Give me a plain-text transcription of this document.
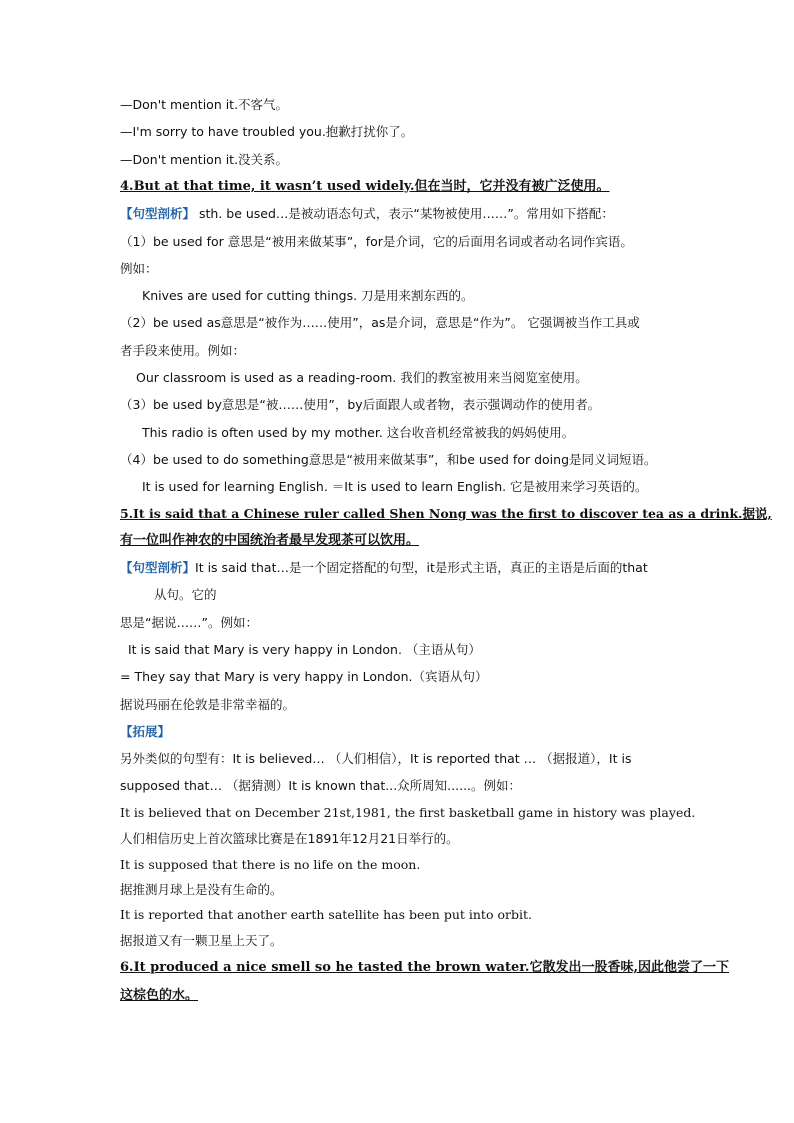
—Don't mention it.不客气。
—I'm sorry to have troubled you.抱歉打扰你了。
—Don't mention it.没关系。
4.But at that time, it wasn’t used widely.但在当时，它并没有被广泛使用。
【句型剖析】 sth. be used…是被动语态句式，表示“某物被使用……”。常用如下搭配：
（1）be used for 意思是“被用来做某事”，for是介词，它的后面用名词或者动名词作宾语。
例如：
Knives are used for cutting things. 刀是用来割东西的。
（2）be used as意思是“被作为……使用”，as是介词，意思是“作为”。 它强调被当作工具或
者手段来使用。例如：
Our classroom is used as a reading-room. 我们的教室被用来当阅览室使用。
（3）be used by意思是“被……使用”，by后面跟人或者物，表示强调动作的使用者。
This radio is often used by my mother. 这台收音机经常被我的妈妈使用。
（4）be used to do something意思是“被用来做某事”，和be used for doing是同义词短语。
It is used for learning English. ＝It is used to learn English. 它是被用来学习英语的。
5.It is said that a Chinese ruler called Shen Nong was the first to discover tea as a drink.据说,
有一位叫作神农的中国统治者最早发现茶可以饮用。
【句型剖析】It is said that…是一个固定搭配的句型，it是形式主语，真正的主语是后面的that
从句。它的
思是“据说……”。例如：
It is said that Mary is very happy in London. （主语从句）
= They say that Mary is very happy in London.（宾语从句）
据说玛丽在伦敦是非常幸福的。
【拓展】
另外类似的句型有：It is believed… （人们相信），It is reported that … （据报道），It is
supposed that… （据猜测）It is known that...众所周知......。例如：
It is believed that on December 21st,1981, the first basketball game in history was played.
人们相信历史上首次篮球比赛是在1891年12月21日举行的。
It is supposed that there is no life on the moon.
据推测月球上是没有生命的。
It is reported that another earth satellite has been put into orbit.
据报道又有一颗卫星上天了。
6.It produced a nice smell so he tasted the brown water.它散发出一股香味,因此他尝了一下
这棕色的水。
